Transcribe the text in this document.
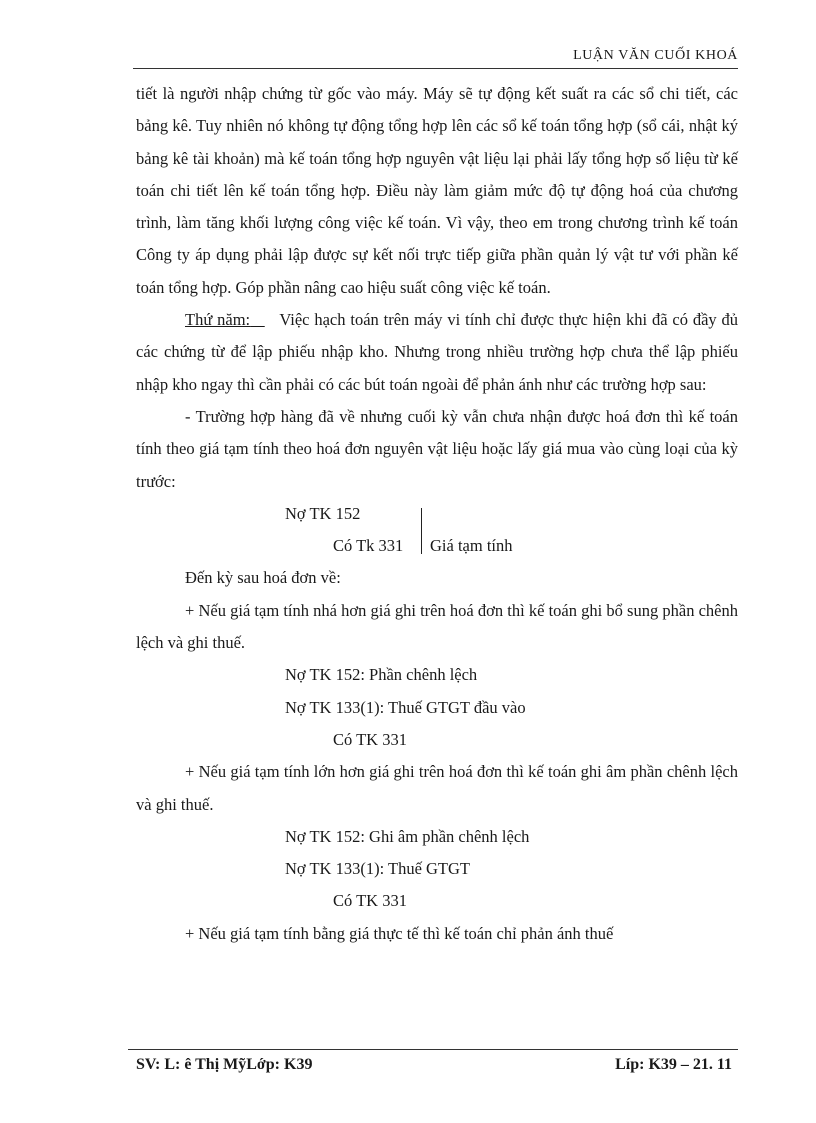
LUẬN VĂN CUỐI KHOÁ

tiết là người nhập chứng từ gốc vào máy. Máy sẽ tự động kết suất ra các sổ chi tiết, các bảng kê. Tuy nhiên nó không tự động tổng hợp lên các sổ kế toán tổng hợp (sổ cái, nhật ký bảng kê tài khoản) mà kế toán tổng hợp nguyên vật liệu lại phải lấy tổng hợp số liệu từ kế toán chi tiết lên kế toán tổng hợp. Điều này làm giảm mức độ tự động hoá của chương trình, làm tăng khối lượng công việc kế toán. Vì vậy, theo em trong chương trình kế toán Công ty áp dụng phải lập được sự kết nối trực tiếp giữa phần quản lý vật tư với phần kế toán tổng hợp. Góp phần nâng cao hiệu suất công việc kế toán.

Thứ năm: Việc hạch toán trên máy vi tính chỉ được thực hiện khi đã có đầy đủ các chứng từ để lập phiếu nhập kho. Nhưng trong nhiều trường hợp chưa thể lập phiếu nhập kho ngay thì cần phải có các bút toán ngoài để phản ánh như các trường hợp sau:

- Trường hợp hàng đã về nhưng cuối kỳ vẫn chưa nhận được hoá đơn thì kế toán tính theo giá tạm tính theo hoá đơn nguyên vật liệu hoặc lấy giá mua vào cùng loại của kỳ trước:

Nợ TK 152
Có Tk 331 Giá tạm tính

Đến kỳ sau hoá đơn về:

+ Nếu giá tạm tính nhá hơn giá ghi trên hoá đơn thì kế toán ghi bổ sung phần chênh lệch và ghi thuế.

Nợ TK 152: Phần chênh lệch

Nợ TK 133(1): Thuế GTGT đầu vào

Có TK 331

+ Nếu giá tạm tính lớn hơn giá ghi trên hoá đơn thì kế toán ghi âm phần chênh lệch và ghi thuế.

Nợ TK 152: Ghi âm phần chênh lệch

Nợ TK 133(1): Thuế GTGT

Có TK 331

+ Nếu giá tạm tính bằng giá thực tế thì kế toán chỉ phản ánh thuế

SV: L: ê Thị MỹLớp: K39	Líp: K39 – 21. 11
